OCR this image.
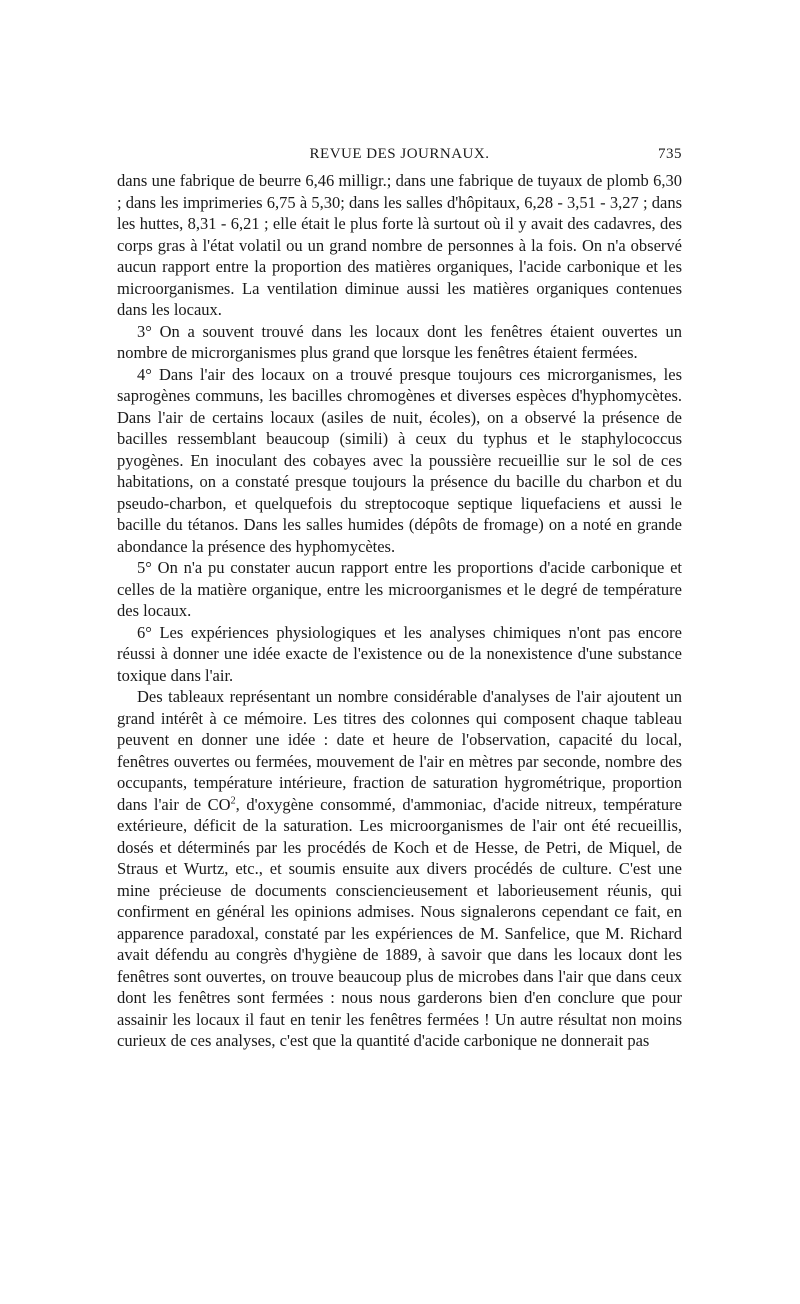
REVUE DES JOURNAUX.	735

dans une fabrique de beurre 6,46 milligr.; dans une fabrique de tuyaux de plomb 6,30 ; dans les imprimeries 6,75 à 5,30; dans les salles d'hôpitaux, 6,28 - 3,51 - 3,27 ; dans les huttes, 8,31 - 6,21 ; elle était le plus forte là surtout où il y avait des cadavres, des corps gras à l'état volatil ou un grand nombre de personnes à la fois. On n'a observé aucun rapport entre la proportion des matières organiques, l'acide carbonique et les microorganismes. La ventilation diminue aussi les matières organiques contenues dans les locaux.

3° On a souvent trouvé dans les locaux dont les fenêtres étaient ouvertes un nombre de microrganismes plus grand que lorsque les fenêtres étaient fermées.

4° Dans l'air des locaux on a trouvé presque toujours ces microrganismes, les saprogènes communs, les bacilles chromogènes et diverses espèces d'hyphomycètes. Dans l'air de certains locaux (asiles de nuit, écoles), on a observé la présence de bacilles ressemblant beaucoup (simili) à ceux du typhus et le staphylococcus pyogènes. En inoculant des cobayes avec la poussière recueillie sur le sol de ces habitations, on a constaté presque toujours la présence du bacille du charbon et du pseudo-charbon, et quelquefois du streptocoque septique liquefaciens et aussi le bacille du tétanos. Dans les salles humides (dépôts de fromage) on a noté en grande abondance la présence des hyphomycètes.

5° On n'a pu constater aucun rapport entre les proportions d'acide carbonique et celles de la matière organique, entre les microorganismes et le degré de température des locaux.

6° Les expériences physiologiques et les analyses chimiques n'ont pas encore réussi à donner une idée exacte de l'existence ou de la nonexistence d'une substance toxique dans l'air.

Des tableaux représentant un nombre considérable d'analyses de l'air ajoutent un grand intérêt à ce mémoire. Les titres des colonnes qui composent chaque tableau peuvent en donner une idée : date et heure de l'observation, capacité du local, fenêtres ouvertes ou fermées, mouvement de l'air en mètres par seconde, nombre des occupants, température intérieure, fraction de saturation hygrométrique, proportion dans l'air de $CO^2$, d'oxygène consommé, d'ammoniac, d'acide nitreux, température extérieure, déficit de la saturation. Les microorganismes de l'air ont été recueillis, dosés et déterminés par les procédés de Koch et de Hesse, de Petri, de Miquel, de Straus et Wurtz, etc., et soumis ensuite aux divers procédés de culture. C'est une mine précieuse de documents consciencieusement et laborieusement réunis, qui confirment en général les opinions admises. Nous signalerons cependant ce fait, en apparence paradoxal, constaté par les expériences de M. Sanfelice, que M. Richard avait défendu au congrès d'hygiène de 1889, à savoir que dans les locaux dont les fenêtres sont ouvertes, on trouve beaucoup plus de microbes dans l'air que dans ceux dont les fenêtres sont fermées : nous nous garderons bien d'en conclure que pour assainir les locaux il faut en tenir les fenêtres fermées ! Un autre résultat non moins curieux de ces analyses, c'est que la quantité d'acide carbonique ne donnerait pas
